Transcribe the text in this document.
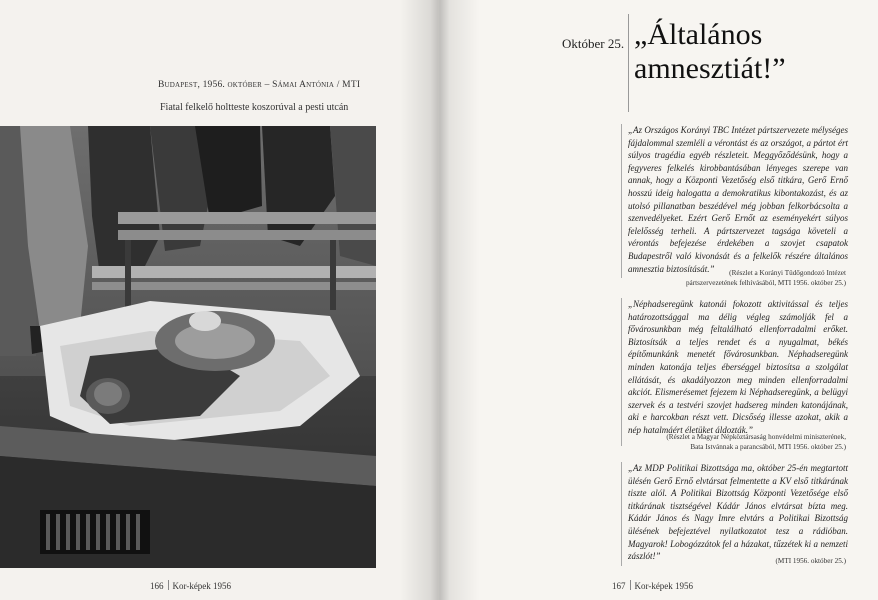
Budapest, 1956. október – Sámai Antónia / MTI
Fiatal felkelő holtteste koszorúval a pesti utcán
166 Kor-képek 1956
Október 25. „Általános
amnesztiát!”
„Az Országos Korányi TBC Intézet pártszervezete mélységes fájdalommal szemléli a vérontást és az országot, a pártot ért súlyos tragédia egyéb részleteit. Meggyőződésünk, hogy a fegyveres felkelés kirobbantásában lényeges szerepe van annak, hogy a Központi Vezetőség első titkára, Gerő Ernő hosszú ideig halogatta a demokratikus kibontakozást, és az utolsó pillanatban beszédével még jobban felkorbácsolta a szenvedélyeket. Ezért Gerő Ernőt az eseményekért súlyos felelősség terheli. A pártszervezet tagsága követeli a vérontás befejezése érdekében a szovjet csapatok Budapestről való kivonását és a felkelők részére általános amnesztia biztosítását.”	(Részlet a Korányi Tüdőgondozó Intézet
pártszervezetének felhívásából, MTI 1956. október 25.)
„Néphadseregünk katonái fokozott aktivitással és teljes határozottsággal ma délig végleg számolják fel a fővárosunkban még feltalálható ellenforradalmi erőket. Biztosítsák a teljes rendet és a nyugalmat, békés építőmunkánk menetét fővárosunkban. Néphadseregünk minden katonája teljes éberséggel biztosítsa a szolgálat ellátását, és akadályozzon meg minden ellenforradalmi akciót. Elismerésemet fejezem ki Néphadseregünk, a belügyi szervek és a testvéri szovjet hadsereg minden katonájának, aki e harcokban részt vett. Dicsőség illesse azokat, akik a nép hatalmáért életüket áldozták.”
(Részlet a Magyar Népköztársaság honvédelmi miniszterének,
Bata Istvánnak a parancsából, MTI 1956. október 25.)
„Az MDP Politikai Bizottsága ma, október 25-én megtartott ülésén Gerő Ernő elvtársat felmentette a KV első titkárának tiszte alól. A Politikai Bizottság Központi Vezetősége első titkárának tisztségével Kádár János elvtársat bízta meg. Kádár János és Nagy Imre elvtárs a Politikai Bizottság ülésének befejeztével nyilatkozatot tesz a rádióban. Magyarok! Lobogózzátok fel a házakat, tűzzétek ki a nemzeti zászlót!”	(MTI 1956. október 25.)
167 Kor-képek 1956
